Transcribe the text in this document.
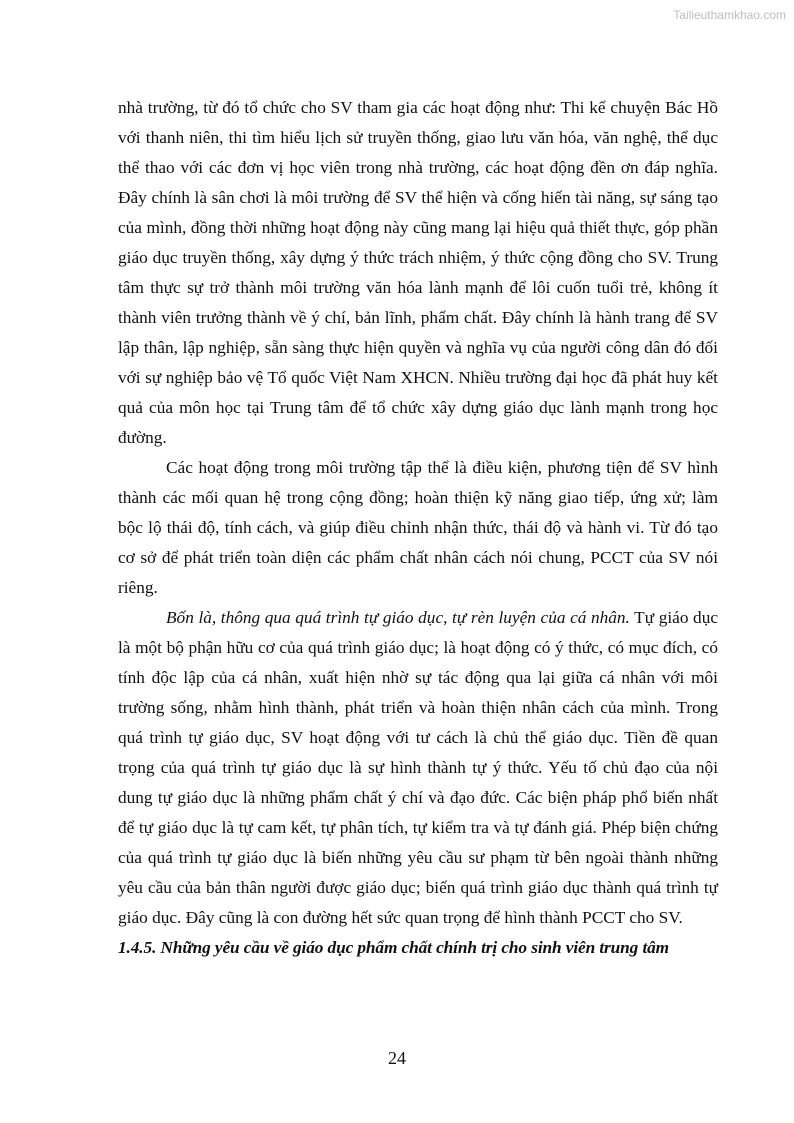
Tailieuthamkhao.com

nhà trường, từ đó tổ chức cho SV tham gia các hoạt động như: Thi kể chuyện Bác Hồ với thanh niên, thi tìm hiểu lịch sử truyền thống, giao lưu văn hóa, văn nghệ, thể dục thể thao với các đơn vị học viên trong nhà trường, các hoạt động đền ơn đáp nghĩa. Đây chính là sân chơi là môi trường để SV thể hiện và cống hiến tài năng, sự sáng tạo của mình, đồng thời những hoạt động này cũng mang lại hiệu quả thiết thực, góp phần giáo dục truyền thống, xây dựng ý thức trách nhiệm, ý thức cộng đồng cho SV. Trung tâm thực sự trở thành môi trường văn hóa lành mạnh để lôi cuốn tuổi trẻ, không ít thành viên trưởng thành về ý chí, bản lĩnh, phẩm chất. Đây chính là hành trang để SV lập thân, lập nghiệp, sẵn sàng thực hiện quyền và nghĩa vụ của người công dân đó đối với sự nghiệp bảo vệ Tổ quốc Việt Nam XHCN. Nhiều trường đại học đã phát huy kết quả của môn học tại Trung tâm để tổ chức xây dựng giáo dục lành mạnh trong học đường.

Các hoạt động trong môi trường tập thể là điều kiện, phương tiện để SV hình thành các mối quan hệ trong cộng đồng; hoàn thiện kỹ năng giao tiếp, ứng xử; làm bộc lộ thái độ, tính cách, và giúp điều chỉnh nhận thức, thái độ và hành vi. Từ đó tạo cơ sở để phát triển toàn diện các phẩm chất nhân cách nói chung, PCCT của SV nói riêng.

Bốn là, thông qua quá trình tự giáo dục, tự rèn luyện của cá nhân. Tự giáo dục là một bộ phận hữu cơ của quá trình giáo dục; là hoạt động có ý thức, có mục đích, có tính độc lập của cá nhân, xuất hiện nhờ sự tác động qua lại giữa cá nhân với môi trường sống, nhằm hình thành, phát triển và hoàn thiện nhân cách của mình. Trong quá trình tự giáo dục, SV hoạt động với tư cách là chủ thể giáo dục. Tiền đề quan trọng của quá trình tự giáo dục là sự hình thành tự ý thức. Yếu tố chủ đạo của nội dung tự giáo dục là những phẩm chất ý chí và đạo đức. Các biện pháp phổ biến nhất để tự giáo dục là tự cam kết, tự phân tích, tự kiểm tra và tự đánh giá. Phép biện chứng của quá trình tự giáo dục là biến những yêu cầu sư phạm từ bên ngoài thành những yêu cầu của bản thân người được giáo dục; biến quá trình giáo dục thành quá trình tự giáo dục. Đây cũng là con đường hết sức quan trọng để hình thành PCCT cho SV.

1.4.5. Những yêu cầu về giáo dục phẩm chất chính trị cho sinh viên trung tâm

24
